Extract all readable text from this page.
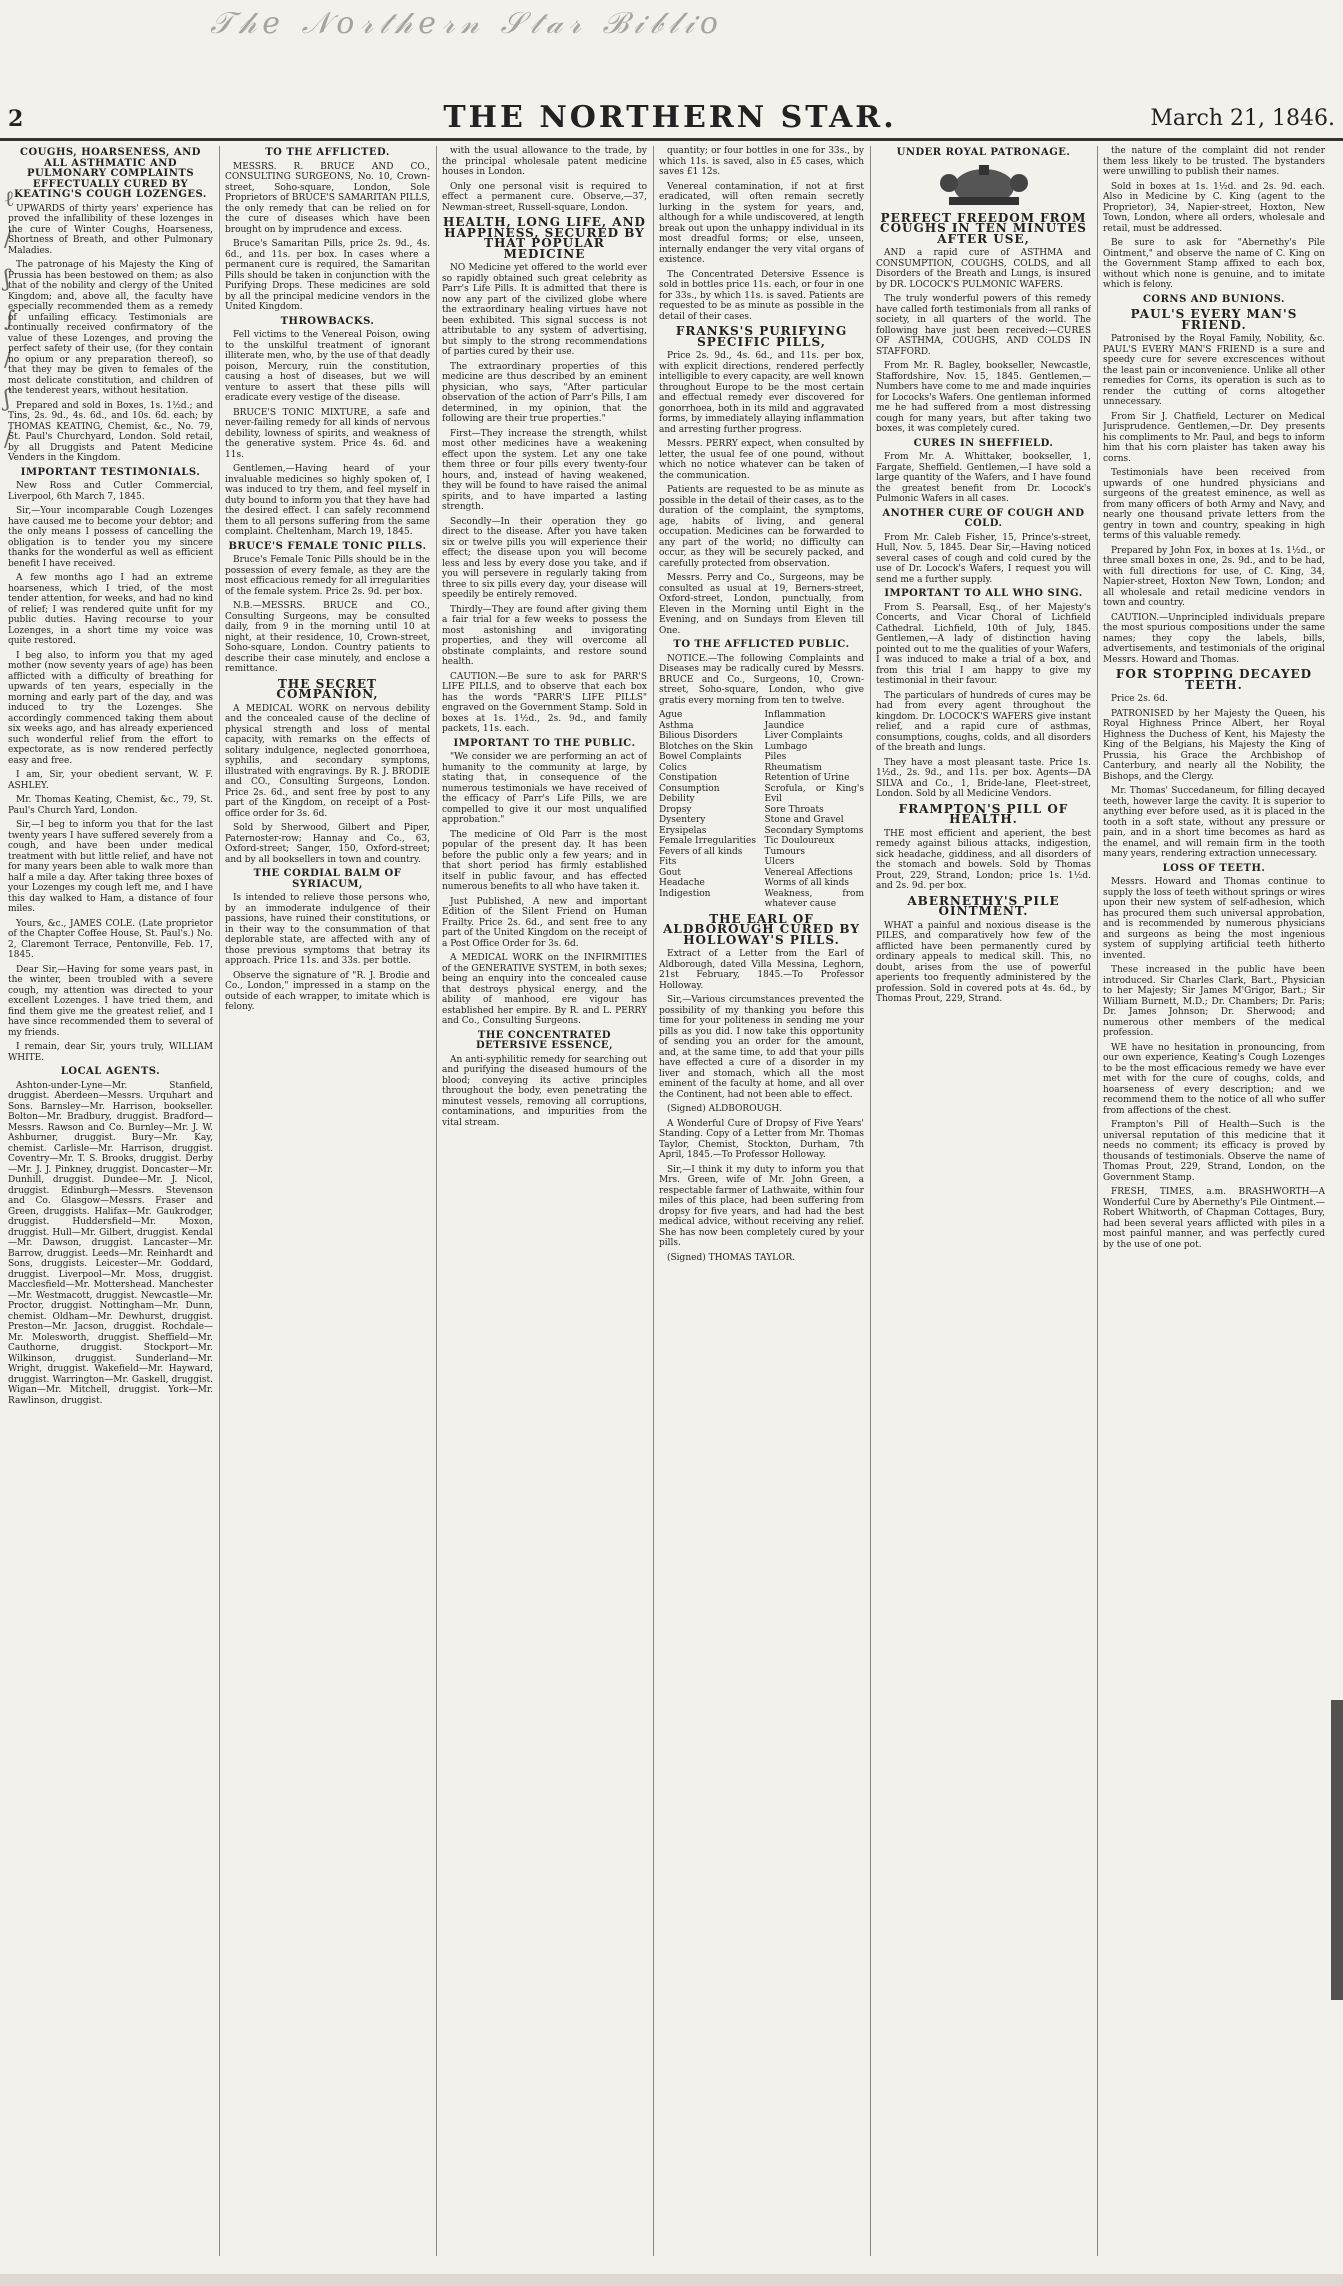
𝒯𝒽𝑒 𝒩𝑜𝓇𝓉𝒽𝑒𝓇𝓃 𝒮𝓉𝒶𝓇 ℬ𝒾𝒷𝓁𝒾𝑜
ℓ
/
ʃ
∫
/
ʃ
/
2	THE NORTHERN STAR.	March 21, 1846.

COUGHS, HOARSENESS, AND ALL ASTHMATIC AND PULMONARY COMPLAINTS EFFECTUALLY CURED BY KEATING'S COUGH LOZENGES.

UPWARDS of thirty years' experience has proved the infallibility of these lozenges in the cure of Winter Coughs, Hoarseness, Shortness of Breath, and other Pulmonary Maladies.

The patronage of his Majesty the King of Prussia has been bestowed on them; as also that of the nobility and clergy of the United Kingdom; and, above all, the faculty have especially recommended them as a remedy of unfailing efficacy. Testimonials are continually received confirmatory of the value of these Lozenges, and proving the perfect safety of their use, (for they contain no opium or any preparation thereof), so that they may be given to females of the most delicate constitution, and children of the tenderest years, without hesitation.

Prepared and sold in Boxes, 1s. 1½d.; and Tins, 2s. 9d., 4s. 6d., and 10s. 6d. each; by THOMAS KEATING, Chemist, &c., No. 79, St. Paul's Churchyard, London. Sold retail, by all Druggists and Patent Medicine Venders in the Kingdom.

IMPORTANT TESTIMONIALS.

New Ross and Cutler Commercial, Liverpool, 6th March 7, 1845.

Sir,—Your incomparable Cough Lozenges have caused me to become your debtor; and the only means I possess of cancelling the obligation is to tender you my sincere thanks for the wonderful as well as efficient benefit I have received.

A few months ago I had an extreme hoarseness, which I tried, of the most tender attention, for weeks, and had no kind of relief; I was rendered quite unfit for my public duties. Having recourse to your Lozenges, in a short time my voice was quite restored.

I beg also, to inform you that my aged mother (now seventy years of age) has been afflicted with a difficulty of breathing for upwards of ten years, especially in the morning and early part of the day, and was induced to try the Lozenges. She accordingly commenced taking them about six weeks ago, and has already experienced such wonderful relief from the effort to expectorate, as is now rendered perfectly easy and free.

I am, Sir, your obedient servant, W. F. ASHLEY.

Mr. Thomas Keating, Chemist, &c., 79, St. Paul's Church Yard, London.

Sir,—I beg to inform you that for the last twenty years I have suffered severely from a cough, and have been under medical treatment with but little relief, and have not for many years been able to walk more than half a mile a day. After taking three boxes of your Lozenges my cough left me, and I have this day walked to Ham, a distance of four miles.

Yours, &c., JAMES COLE. (Late proprietor of the Chapter Coffee House, St. Paul's.) No. 2, Claremont Terrace, Pentonville, Feb. 17, 1845.

Dear Sir,—Having for some years past, in the winter, been troubled with a severe cough, my attention was directed to your excellent Lozenges. I have tried them, and find them give me the greatest relief, and I have since recommended them to several of my friends.

I remain, dear Sir, yours truly, WILLIAM WHITE.

LOCAL AGENTS.

Ashton-under-Lyne—Mr. Stanfield, druggist. Aberdeen—Messrs. Urquhart and Sons. Barnsley—Mr. Harrison, bookseller. Bolton—Mr. Bradbury, druggist. Bradford—Messrs. Rawson and Co. Burnley—Mr. J. W. Ashburner, druggist. Bury—Mr. Kay, chemist. Carlisle—Mr. Harrison, druggist. Coventry—Mr. T. S. Brooks, druggist. Derby—Mr. J. J. Pinkney, druggist. Doncaster—Mr. Dunhill, druggist. Dundee—Mr. J. Nicol, druggist. Edinburgh—Messrs. Stevenson and Co. Glasgow—Messrs. Fraser and Green, druggists. Halifax—Mr. Gaukrodger, druggist. Huddersfield—Mr. Moxon, druggist. Hull—Mr. Gilbert, druggist. Kendal—Mr. Dawson, druggist. Lancaster—Mr. Barrow, druggist. Leeds—Mr. Reinhardt and Sons, druggists. Leicester—Mr. Goddard, druggist. Liverpool—Mr. Moss, druggist. Macclesfield—Mr. Mottershead. Manchester—Mr. Westmacott, druggist. Newcastle—Mr. Proctor, druggist. Nottingham—Mr. Dunn, chemist. Oldham—Mr. Dewhurst, druggist. Preston—Mr. Jacson, druggist. Rochdale—Mr. Molesworth, druggist. Sheffield—Mr. Cauthorne, druggist. Stockport—Mr. Wilkinson, druggist. Sunderland—Mr. Wright, druggist. Wakefield—Mr. Hayward, druggist. Warrington—Mr. Gaskell, druggist. Wigan—Mr. Mitchell, druggist. York—Mr. Rawlinson, druggist.

TO THE AFFLICTED.

MESSRS. R. BRUCE AND CO., CONSULTING SURGEONS, No. 10, Crown-street, Soho-square, London, Sole Proprietors of BRUCE'S SAMARITAN PILLS, the only remedy that can be relied on for the cure of diseases which have been brought on by imprudence and excess.

Bruce's Samaritan Pills, price 2s. 9d., 4s. 6d., and 11s. per box. In cases where a permanent cure is required, the Samaritan Pills should be taken in conjunction with the Purifying Drops. These medicines are sold by all the principal medicine vendors in the United Kingdom.

THROWBACKS.

Fell victims to the Venereal Poison, owing to the unskilful treatment of ignorant illiterate men, who, by the use of that deadly poison, Mercury, ruin the constitution, causing a host of diseases, but we will venture to assert that these pills will eradicate every vestige of the disease.

BRUCE'S TONIC MIXTURE, a safe and never-failing remedy for all kinds of nervous debility, lowness of spirits, and weakness of the generative system. Price 4s. 6d. and 11s.

Gentlemen,—Having heard of your invaluable medicines so highly spoken of, I was induced to try them, and feel myself in duty bound to inform you that they have had the desired effect. I can safely recommend them to all persons suffering from the same complaint. Cheltenham, March 19, 1845.

BRUCE'S FEMALE TONIC PILLS.

Bruce's Female Tonic Pills should be in the possession of every female, as they are the most efficacious remedy for all irregularities of the female system. Price 2s. 9d. per box.

N.B.—MESSRS. BRUCE and CO., Consulting Surgeons, may be consulted daily, from 9 in the morning until 10 at night, at their residence, 10, Crown-street, Soho-square, London. Country patients to describe their case minutely, and enclose a remittance.

THE SECRET COMPANION,

A MEDICAL WORK on nervous debility and the concealed cause of the decline of physical strength and loss of mental capacity, with remarks on the effects of solitary indulgence, neglected gonorrhoea, syphilis, and secondary symptoms, illustrated with engravings. By R. J. BRODIE and CO., Consulting Surgeons, London. Price 2s. 6d., and sent free by post to any part of the Kingdom, on receipt of a Post-office order for 3s. 6d.

Sold by Sherwood, Gilbert and Piper, Paternoster-row; Hannay and Co., 63, Oxford-street; Sanger, 150, Oxford-street; and by all booksellers in town and country.

THE CORDIAL BALM OF SYRIACUM,

Is intended to relieve those persons who, by an immoderate indulgence of their passions, have ruined their constitutions, or in their way to the consummation of that deplorable state, are affected with any of those previous symptoms that betray its approach. Price 11s. and 33s. per bottle.

Observe the signature of "R. J. Brodie and Co., London," impressed in a stamp on the outside of each wrapper, to imitate which is felony.

with the usual allowance to the trade, by the principal wholesale patent medicine houses in London.

Only one personal visit is required to effect a permanent cure. Observe,—37, Newman-street, Russell-square, London.

HEALTH, LONG LIFE, AND HAPPINESS, SECURED BY THAT POPULAR MEDICINE

NO Medicine yet offered to the world ever so rapidly obtained such great celebrity as Parr's Life Pills. It is admitted that there is now any part of the civilized globe where the extraordinary healing virtues have not been exhibited. This signal success is not attributable to any system of advertising, but simply to the strong recommendations of parties cured by their use.

The extraordinary properties of this medicine are thus described by an eminent physician, who says, "After particular observation of the action of Parr's Pills, I am determined, in my opinion, that the following are their true properties."

First—They increase the strength, whilst most other medicines have a weakening effect upon the system. Let any one take them three or four pills every twenty-four hours, and, instead of having weakened, they will be found to have raised the animal spirits, and to have imparted a lasting strength.

Secondly—In their operation they go direct to the disease. After you have taken six or twelve pills you will experience their effect; the disease upon you will become less and less by every dose you take, and if you will persevere in regularly taking from three to six pills every day, your disease will speedily be entirely removed.

Thirdly—They are found after giving them a fair trial for a few weeks to possess the most astonishing and invigorating properties, and they will overcome all obstinate complaints, and restore sound health.

CAUTION.—Be sure to ask for PARR'S LIFE PILLS, and to observe that each box has the words "PARR'S LIFE PILLS" engraved on the Government Stamp. Sold in boxes at 1s. 1½d., 2s. 9d., and family packets, 11s. each.

IMPORTANT TO THE PUBLIC.

"We consider we are performing an act of humanity to the community at large, by stating that, in consequence of the numerous testimonials we have received of the efficacy of Parr's Life Pills, we are compelled to give it our most unqualified approbation."

The medicine of Old Parr is the most popular of the present day. It has been before the public only a few years; and in that short period has firmly established itself in public favour, and has effected numerous benefits to all who have taken it.

Just Published, A new and important Edition of the Silent Friend on Human Frailty. Price 2s. 6d., and sent free to any part of the United Kingdom on the receipt of a Post Office Order for 3s. 6d.

A MEDICAL WORK on the INFIRMITIES of the GENERATIVE SYSTEM, in both sexes; being an enquiry into the concealed cause that destroys physical energy, and the ability of manhood, ere vigour has established her empire. By R. and L. PERRY and Co., Consulting Surgeons.

THE CONCENTRATED DETERSIVE ESSENCE,

An anti-syphilitic remedy for searching out and purifying the diseased humours of the blood; conveying its active principles throughout the body, even penetrating the minutest vessels, removing all corruptions, contaminations, and impurities from the vital stream.

quantity; or four bottles in one for 33s., by which 11s. is saved, also in £5 cases, which saves £1 12s.

Venereal contamination, if not at first eradicated, will often remain secretly lurking in the system for years, and, although for a while undiscovered, at length break out upon the unhappy individual in its most dreadful forms; or else, unseen, internally endanger the very vital organs of existence.

The Concentrated Detersive Essence is sold in bottles price 11s. each, or four in one for 33s., by which 11s. is saved. Patients are requested to be as minute as possible in the detail of their cases.

FRANKS'S PURIFYING SPECIFIC PILLS,

Price 2s. 9d., 4s. 6d., and 11s. per box, with explicit directions, rendered perfectly intelligible to every capacity, are well known throughout Europe to be the most certain and effectual remedy ever discovered for gonorrhoea, both in its mild and aggravated forms, by immediately allaying inflammation and arresting further progress.

Messrs. PERRY expect, when consulted by letter, the usual fee of one pound, without which no notice whatever can be taken of the communication.

Patients are requested to be as minute as possible in the detail of their cases, as to the duration of the complaint, the symptoms, age, habits of living, and general occupation. Medicines can be forwarded to any part of the world; no difficulty can occur, as they will be securely packed, and carefully protected from observation.

Messrs. Perry and Co., Surgeons, may be consulted as usual at 19, Berners-street, Oxford-street, London, punctually, from Eleven in the Morning until Eight in the Evening, and on Sundays from Eleven till One.

TO THE AFFLICTED PUBLIC.

NOTICE.—The following Complaints and Diseases may be radically cured by Messrs. BRUCE and Co., Surgeons, 10, Crown-street, Soho-square, London, who give gratis every morning from ten to twelve.

Ague
Asthma
Bilious Disorders
Blotches on the Skin
Bowel Complaints
Colics
Constipation
Consumption
Debility
Dropsy
Dysentery
Erysipelas
Female Irregularities
Fevers of all kinds
Fits
Gout
Headache
Indigestion
Inflammation
Jaundice
Liver Complaints
Lumbago
Piles
Rheumatism
Retention of Urine
Scrofula, or King's Evil
Sore Throats
Stone and Gravel
Secondary Symptoms
Tic Douloureux
Tumours
Ulcers
Venereal Affections
Worms of all kinds
Weakness, from whatever cause

THE EARL OF ALDBOROUGH CURED BY HOLLOWAY'S PILLS.

Extract of a Letter from the Earl of Aldborough, dated Villa Messina, Leghorn, 21st February, 1845.—To Professor Holloway.

Sir,—Various circumstances prevented the possibility of my thanking you before this time for your politeness in sending me your pills as you did. I now take this opportunity of sending you an order for the amount, and, at the same time, to add that your pills have effected a cure of a disorder in my liver and stomach, which all the most eminent of the faculty at home, and all over the Continent, had not been able to effect.

(Signed) ALDBOROUGH.

A Wonderful Cure of Dropsy of Five Years' Standing. Copy of a Letter from Mr. Thomas Taylor, Chemist, Stockton, Durham, 7th April, 1845.—To Professor Holloway.

Sir,—I think it my duty to inform you that Mrs. Green, wife of Mr. John Green, a respectable farmer of Lathwaite, within four miles of this place, had been suffering from dropsy for five years, and had had the best medical advice, without receiving any relief. She has now been completely cured by your pills.

(Signed) THOMAS TAYLOR.

UNDER ROYAL PATRONAGE.

PERFECT FREEDOM FROM COUGHS IN TEN MINUTES AFTER USE,

AND a rapid cure of ASTHMA and CONSUMPTION, COUGHS, COLDS, and all Disorders of the Breath and Lungs, is insured by DR. LOCOCK'S PULMONIC WAFERS.

The truly wonderful powers of this remedy have called forth testimonials from all ranks of society, in all quarters of the world. The following have just been received:—CURES OF ASTHMA, COUGHS, AND COLDS IN STAFFORD.

From Mr. R. Bagley, bookseller, Newcastle, Staffordshire, Nov. 15, 1845. Gentlemen,—Numbers have come to me and made inquiries for Lococks's Wafers. One gentleman informed me he had suffered from a most distressing cough for many years, but after taking two boxes, it was completely cured.

CURES IN SHEFFIELD.

From Mr. A. Whittaker, bookseller, 1, Fargate, Sheffield. Gentlemen,—I have sold a large quantity of the Wafers, and I have found the greatest benefit from Dr. Locock's Pulmonic Wafers in all cases.

ANOTHER CURE OF COUGH AND COLD.

From Mr. Caleb Fisher, 15, Prince's-street, Hull, Nov. 5, 1845. Dear Sir,—Having noticed several cases of cough and cold cured by the use of Dr. Locock's Wafers, I request you will send me a further supply.

IMPORTANT TO ALL WHO SING.

From S. Pearsall, Esq., of her Majesty's Concerts, and Vicar Choral of Lichfield Cathedral. Lichfield, 10th of July, 1845. Gentlemen,—A lady of distinction having pointed out to me the qualities of your Wafers, I was induced to make a trial of a box, and from this trial I am happy to give my testimonial in their favour.

The particulars of hundreds of cures may be had from every agent throughout the kingdom. Dr. LOCOCK'S WAFERS give instant relief, and a rapid cure of asthmas, consumptions, coughs, colds, and all disorders of the breath and lungs.

They have a most pleasant taste. Price 1s. 1½d., 2s. 9d., and 11s. per box. Agents—DA SILVA and Co., 1, Bride-lane, Fleet-street, London. Sold by all Medicine Vendors.

FRAMPTON'S PILL OF HEALTH.

THE most efficient and aperient, the best remedy against bilious attacks, indigestion, sick headache, giddiness, and all disorders of the stomach and bowels. Sold by Thomas Prout, 229, Strand, London; price 1s. 1½d. and 2s. 9d. per box.

ABERNETHY'S PILE OINTMENT.

WHAT a painful and noxious disease is the PILES, and comparatively how few of the afflicted have been permanently cured by ordinary appeals to medical skill. This, no doubt, arises from the use of powerful aperients too frequently administered by the profession. Sold in covered pots at 4s. 6d., by Thomas Prout, 229, Strand.

the nature of the complaint did not render them less likely to be trusted. The bystanders were unwilling to publish their names.

Sold in boxes at 1s. 1½d. and 2s. 9d. each. Also in Medicine by C. King (agent to the Proprietor), 34, Napier-street, Hoxton, New Town, London, where all orders, wholesale and retail, must be addressed.

Be sure to ask for "Abernethy's Pile Ointment," and observe the name of C. King on the Government Stamp affixed to each box, without which none is genuine, and to imitate which is felony.

CORNS AND BUNIONS.

PAUL'S EVERY MAN'S FRIEND.

Patronised by the Royal Family, Nobility, &c. PAUL'S EVERY MAN'S FRIEND is a sure and speedy cure for severe excrescences without the least pain or inconvenience. Unlike all other remedies for Corns, its operation is such as to render the cutting of corns altogether unnecessary.

From Sir J. Chatfield, Lecturer on Medical Jurisprudence. Gentlemen,—Dr. Dey presents his compliments to Mr. Paul, and begs to inform him that his corn plaister has taken away his corns.

Testimonials have been received from upwards of one hundred physicians and surgeons of the greatest eminence, as well as from many officers of both Army and Navy, and nearly one thousand private letters from the gentry in town and country, speaking in high terms of this valuable remedy.

Prepared by John Fox, in boxes at 1s. 1½d., or three small boxes in one, 2s. 9d., and to be had, with full directions for use, of C. King, 34, Napier-street, Hoxton New Town, London; and all wholesale and retail medicine vendors in town and country.

CAUTION.—Unprincipled individuals prepare the most spurious compositions under the same names; they copy the labels, bills, advertisements, and testimonials of the original Messrs. Howard and Thomas.

FOR STOPPING DECAYED TEETH.

Price 2s. 6d.

PATRONISED by her Majesty the Queen, his Royal Highness Prince Albert, her Royal Highness the Duchess of Kent, his Majesty the King of the Belgians, his Majesty the King of Prussia, his Grace the Archbishop of Canterbury, and nearly all the Nobility, the Bishops, and the Clergy.

Mr. Thomas' Succedaneum, for filling decayed teeth, however large the cavity. It is superior to anything ever before used, as it is placed in the tooth in a soft state, without any pressure or pain, and in a short time becomes as hard as the enamel, and will remain firm in the tooth many years, rendering extraction unnecessary.

LOSS OF TEETH.

Messrs. Howard and Thomas continue to supply the loss of teeth without springs or wires upon their new system of self-adhesion, which has procured them such universal approbation, and is recommended by numerous physicians and surgeons as being the most ingenious system of supplying artificial teeth hitherto invented.

These increased in the public have been introduced. Sir Charles Clark, Bart., Physician to her Majesty; Sir James M'Grigor, Bart.; Sir William Burnett, M.D.; Dr. Chambers; Dr. Paris; Dr. James Johnson; Dr. Sherwood; and numerous other members of the medical profession.

WE have no hesitation in pronouncing, from our own experience, Keating's Cough Lozenges to be the most efficacious remedy we have ever met with for the cure of coughs, colds, and hoarseness of every description; and we recommend them to the notice of all who suffer from affections of the chest.

Frampton's Pill of Health—Such is the universal reputation of this medicine that it needs no comment; its efficacy is proved by thousands of testimonials. Observe the name of Thomas Prout, 229, Strand, London, on the Government Stamp.

FRESH, TIMES, a.m. BRASHWORTH—A Wonderful Cure by Abernethy's Pile Ointment.—Robert Whitworth, of Chapman Cottages, Bury, had been several years afflicted with piles in a most painful manner, and was perfectly cured by the use of one pot.
